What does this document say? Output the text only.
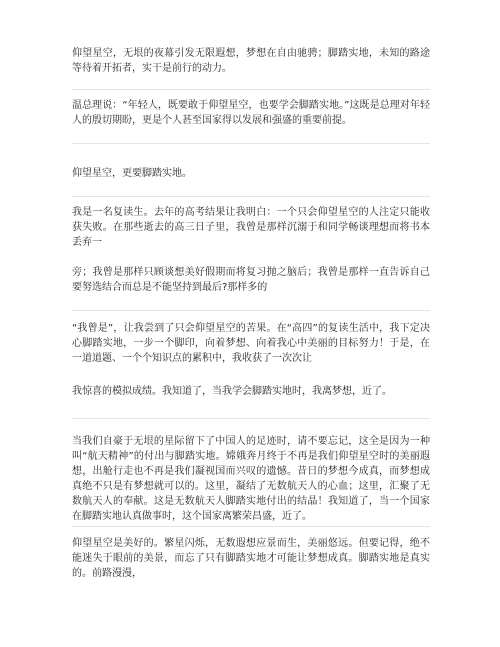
仰望星空，无垠的夜幕引发无限遐想，梦想在自由驰骋；脚踏实地，未知的路途等待着开拓者，实干是前行的动力。

温总理说：“年轻人，既要敢于仰望星空，也要学会脚踏实地。”这既是总理对年轻人的殷切期盼，更是个人甚至国家得以发展和强盛的重要前提。

仰望星空，更要脚踏实地。

我是一名复读生。去年的高考结果让我明白：一个只会仰望星空的人注定只能收获失败。在那些逝去的高三日子里，我曾是那样沉溺于和同学畅谈理想而将书本丢弃一

旁；我曾是那样只顾谈想美好假期而将复习抛之脑后；我曾是那样一直告诉自己要努选结合而总是不能坚持到最后?那样多的

“我曾是”，让我尝到了只会仰望星空的苦果。在“高四”的复读生活中，我下定决心脚踏实地，一步一个脚印，向着梦想、向着我心中美丽的目标努力！于是，在一道道题、一个个知识点的累积中，我收获了一次次让

我惊喜的模拟成绩。我知道了，当我学会脚踏实地时，我离梦想，近了。

当我们自豪于无垠的星际留下了中国人的足迹时，请不要忘记，这全是因为一种叫“航天精神”的付出与脚踏实地。嫦娥奔月终于不再是我们仰望星空时的美丽遐想，出舱行走也不再是我们凝视国而兴叹的遗憾。昔日的梦想今成真，而梦想成真绝不只是有梦想就可以的。这里，凝结了无数航天人的心血；这里，汇聚了无数航天人的奉献。这是无数航天人脚踏实地付出的结晶！我知道了，当一个国家在脚踏实地认真做事时，这个国家离繁荣昌盛，近了。

仰望星空是美好的。繁星闪烁，无数遐想应景而生，美丽悠远。但要记得，绝不能迷失于眼前的美景，而忘了只有脚踏实地才可能让梦想成真。脚踏实地是真实的。前路漫漫，
